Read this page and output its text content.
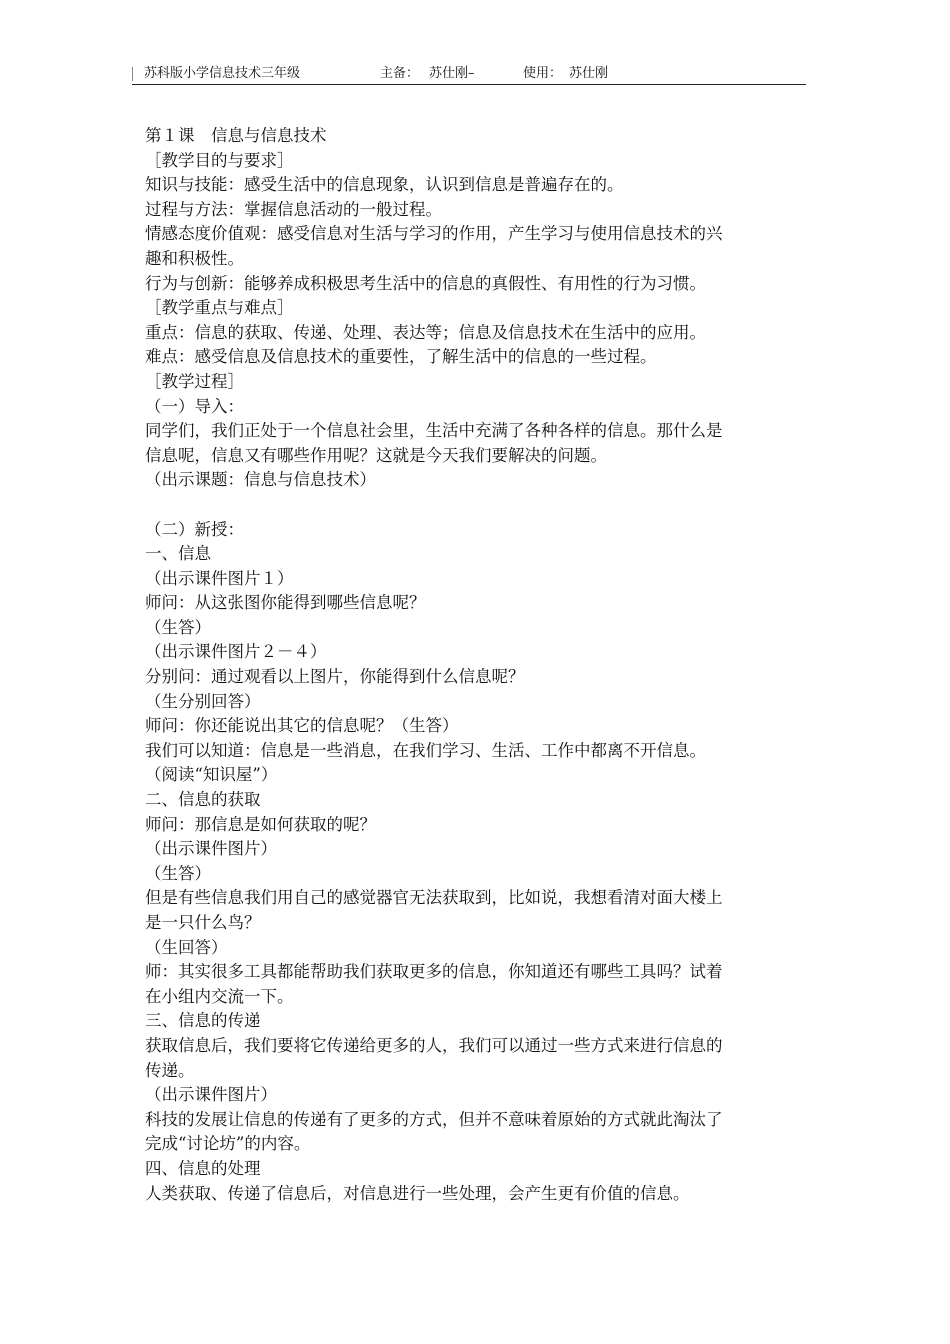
苏科版小学信息技术三年级	主备： 苏仕刚–	使用： 苏仕刚
第１课　信息与信息技术
［教学目的与要求］
知识与技能：感受生活中的信息现象，认识到信息是普遍存在的。
过程与方法：掌握信息活动的一般过程。
情感态度价值观：感受信息对生活与学习的作用，产生学习与使用信息技术的兴
趣和积极性。
行为与创新：能够养成积极思考生活中的信息的真假性、有用性的行为习惯。
［教学重点与难点］
重点：信息的获取、传递、处理、表达等；信息及信息技术在生活中的应用。
难点：感受信息及信息技术的重要性，了解生活中的信息的一些过程。
［教学过程］
（一）导入：
同学们，我们正处于一个信息社会里，生活中充满了各种各样的信息。那什么是
信息呢，信息又有哪些作用呢？这就是今天我们要解决的问题。
（出示课题：信息与信息技术）
（二）新授：
一、信息
（出示课件图片１）
师问：从这张图你能得到哪些信息呢？
（生答）
（出示课件图片２－４）
分别问：通过观看以上图片，你能得到什么信息呢？
（生分别回答）
师问：你还能说出其它的信息呢？（生答）
我们可以知道：信息是一些消息，在我们学习、生活、工作中都离不开信息。
（阅读“知识屋”）
二、信息的获取
师问：那信息是如何获取的呢？
（出示课件图片）
（生答）
但是有些信息我们用自己的感觉器官无法获取到，比如说，我想看清对面大楼上
是一只什么鸟？
（生回答）
师：其实很多工具都能帮助我们获取更多的信息，你知道还有哪些工具吗？试着
在小组内交流一下。
三、信息的传递
获取信息后，我们要将它传递给更多的人，我们可以通过一些方式来进行信息的
传递。
（出示课件图片）
科技的发展让信息的传递有了更多的方式，但并不意味着原始的方式就此淘汰了
完成“讨论坊”的内容。
四、信息的处理
人类获取、传递了信息后，对信息进行一些处理，会产生更有价值的信息。
